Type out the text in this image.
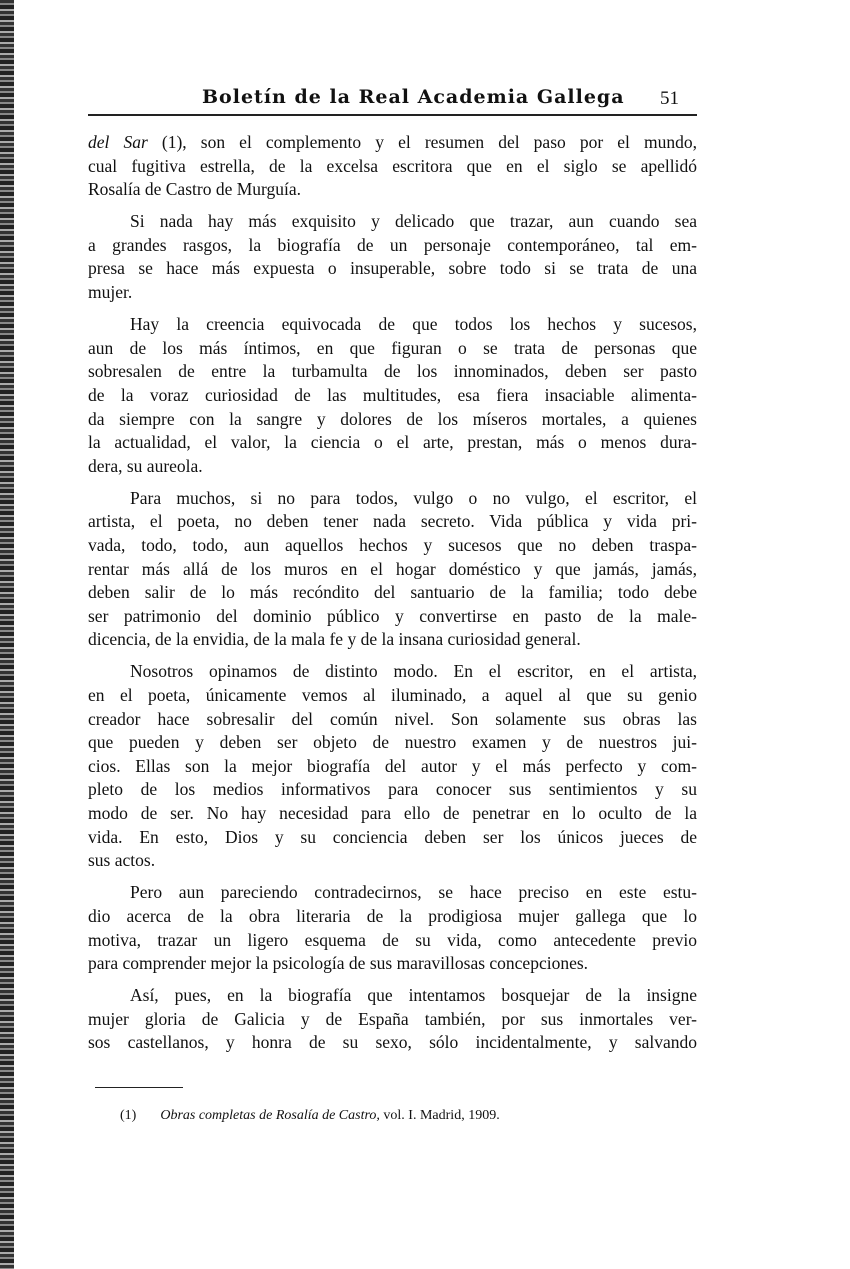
Boletín de la Real Academia Gallega 51
del Sar (1), son el complemento y el resumen del paso por el mundo,
cual fugitiva estrella, de la excelsa escritora que en el siglo se apellidó
Rosalía de Castro de Murguía.
Si nada hay más exquisito y delicado que trazar, aun cuando sea
a grandes rasgos, la biografía de un personaje contemporáneo, tal em-
presa se hace más expuesta o insuperable, sobre todo si se trata de una
mujer.
Hay la creencia equivocada de que todos los hechos y sucesos,
aun de los más íntimos, en que figuran o se trata de personas que
sobresalen de entre la turbamulta de los innominados, deben ser pasto
de la voraz curiosidad de las multitudes, esa fiera insaciable alimenta-
da siempre con la sangre y dolores de los míseros mortales, a quienes
la actualidad, el valor, la ciencia o el arte, prestan, más o menos dura-
dera, su aureola.
Para muchos, si no para todos, vulgo o no vulgo, el escritor, el
artista, el poeta, no deben tener nada secreto. Vida pública y vida pri-
vada, todo, todo, aun aquellos hechos y sucesos que no deben traspa-
rentar más allá de los muros en el hogar doméstico y que jamás, jamás,
deben salir de lo más recóndito del santuario de la familia; todo debe
ser patrimonio del dominio público y convertirse en pasto de la male-
dicencia, de la envidia, de la mala fe y de la insana curiosidad general.
Nosotros opinamos de distinto modo. En el escritor, en el artista,
en el poeta, únicamente vemos al iluminado, a aquel al que su genio
creador hace sobresalir del común nivel. Son solamente sus obras las
que pueden y deben ser objeto de nuestro examen y de nuestros jui-
cios. Ellas son la mejor biografía del autor y el más perfecto y com-
pleto de los medios informativos para conocer sus sentimientos y su
modo de ser. No hay necesidad para ello de penetrar en lo oculto de la
vida. En esto, Dios y su conciencia deben ser los únicos jueces de
sus actos.
Pero aun pareciendo contradecirnos, se hace preciso en este estu-
dio acerca de la obra literaria de la prodigiosa mujer gallega que lo
motiva, trazar un ligero esquema de su vida, como antecedente previo
para comprender mejor la psicología de sus maravillosas concepciones.
Así, pues, en la biografía que intentamos bosquejar de la insigne
mujer gloria de Galicia y de España también, por sus inmortales ver-
sos castellanos, y honra de su sexo, sólo incidentalmente, y salvando
(1) Obras completas de Rosalía de Castro, vol. I. Madrid, 1909.
